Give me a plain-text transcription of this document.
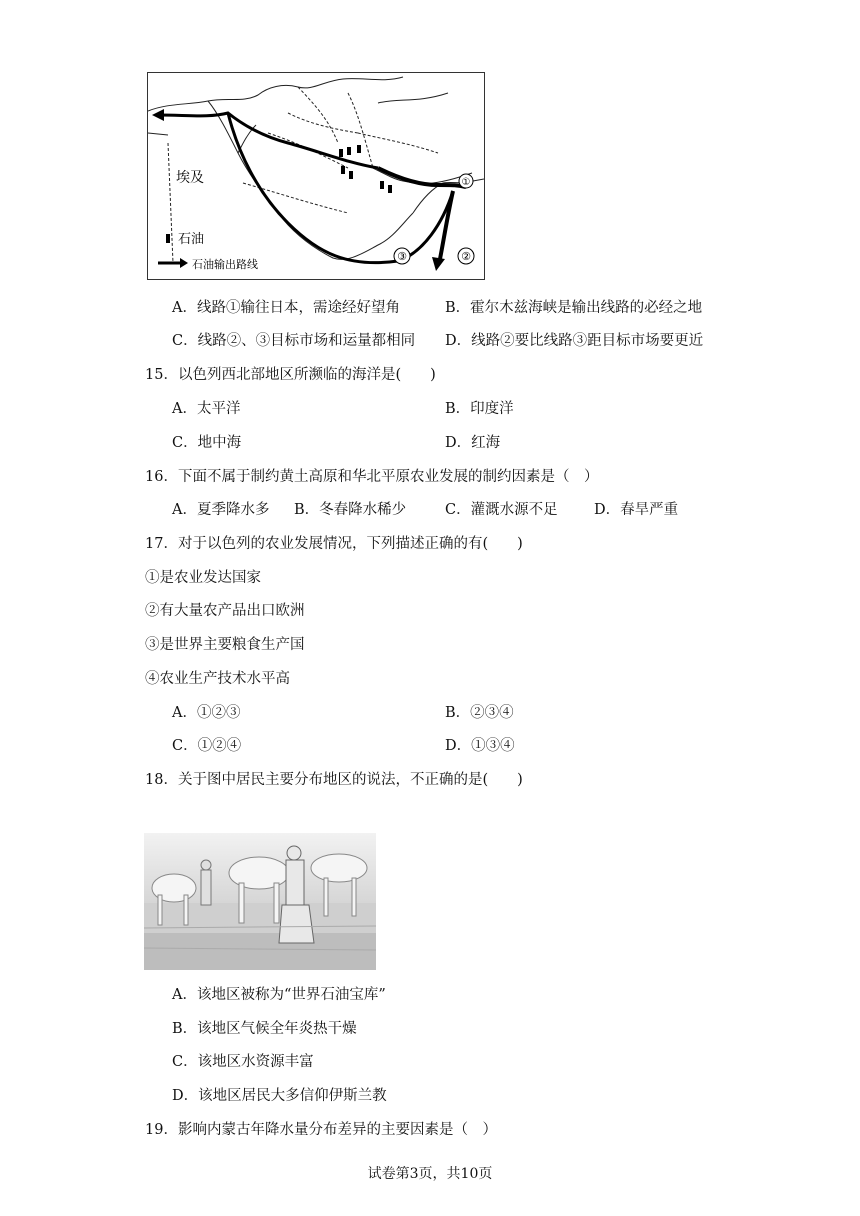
①
石油
石油输出路线
埃及
③	②
A．线路①输往日本，需途经好望角	B．霍尔木兹海峡是输出线路的必经之地
C．线路②、③目标市场和运量都相同 D．线路②要比线路③距目标市场要更近
15．以色列西北部地区所濒临的海洋是(　　)
A．太平洋	B．印度洋
C．地中海	D．红海
16．下面不属于制约黄土高原和华北平原农业发展的制约因素是（　）
A．夏季降水多 B．冬春降水稀少	C．灌溉水源不足	D．春旱严重
17．对于以色列的农业发展情况，下列描述正确的有(　　)
①是农业发达国家
②有大量农产品出口欧洲
③是世界主要粮食生产国
④农业生产技术水平高
A．①②③	B．②③④
C．①②④	D．①③④
18．关于图中居民主要分布地区的说法，不正确的是(　　)
A．该地区被称为“世界石油宝库”
B．该地区气候全年炎热干燥
C．该地区水资源丰富
D．该地区居民大多信仰伊斯兰教
19．影响内蒙古年降水量分布差异的主要因素是（　）
试卷第3页，共10页
